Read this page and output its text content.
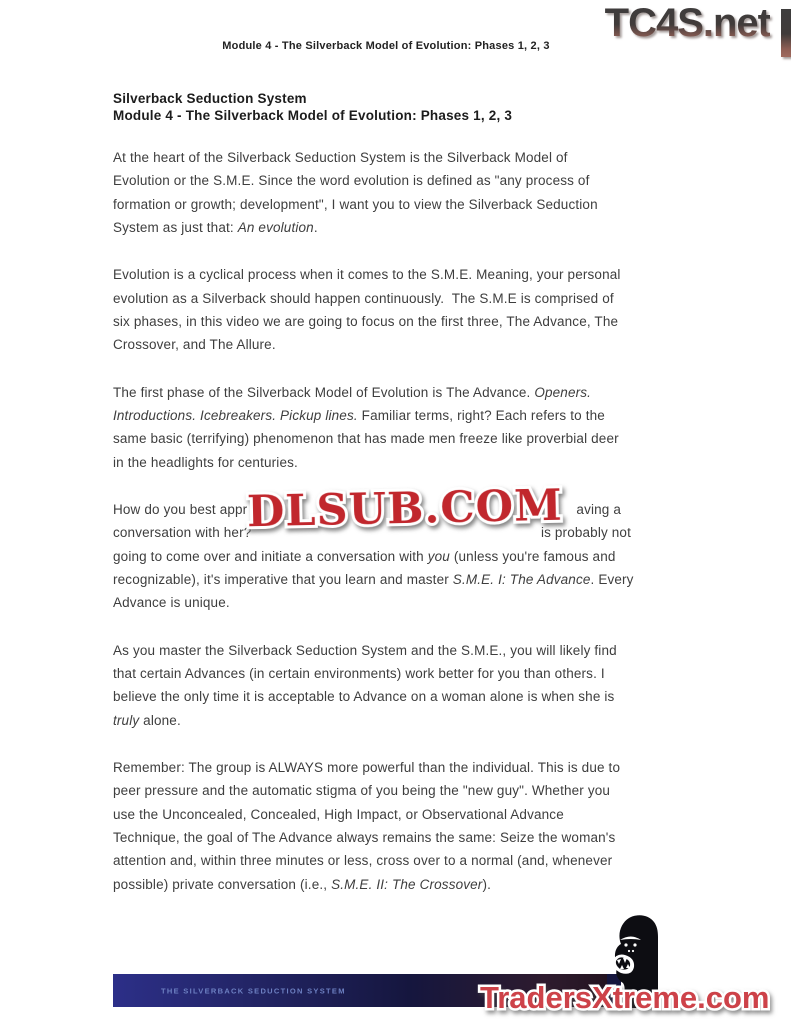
TC4S.net
Module 4 - The Silverback Model of Evolution: Phases 1, 2, 3
Silverback Seduction System
Module 4 - The Silverback Model of Evolution: Phases 1, 2, 3
At the heart of the Silverback Seduction System is the Silverback Model of
Evolution or the S.M.E. Since the word evolution is defined as "any process of
formation or growth; development", I want you to view the Silverback Seduction
System as just that: An evolution.
Evolution is a cyclical process when it comes to the S.M.E. Meaning, your personal
evolution as a Silverback should happen continuously.  The S.M.E is comprised of
six phases, in this video we are going to focus on the first three, The Advance, The
Crossover, and The Allure.
The first phase of the Silverback Model of Evolution is The Advance. Openers.
Introductions. Icebreakers. Pickup lines. Familiar terms, right? Each refers to the
same basic (terrifying) phenomenon that has made men freeze like proverbial deer
in the headlights for centuries.
How do you best appr	aving a
conversation with her?	is probably not
going to come over and initiate a conversation with you (unless you're famous and
recognizable), it's imperative that you learn and master S.M.E. I: The Advance. Every
Advance is unique.
As you master the Silverback Seduction System and the S.M.E., you will likely find
that certain Advances (in certain environments) work better for you than others. I
believe the only time it is acceptable to Advance on a woman alone is when she is
truly alone.
Remember: The group is ALWAYS more powerful than the individual. This is due to
peer pressure and the automatic stigma of you being the "new guy". Whether you
use the Unconcealed, Concealed, High Impact, or Observational Advance
Technique, the goal of The Advance always remains the same: Seize the woman's
attention and, within three minutes or less, cross over to a normal (and, whenever
possible) private conversation (i.e., S.M.E. II: The Crossover).
DLSUB.COM
THE SILVERBACK SEDUCTION SYSTEM	TradersXtreme.com
